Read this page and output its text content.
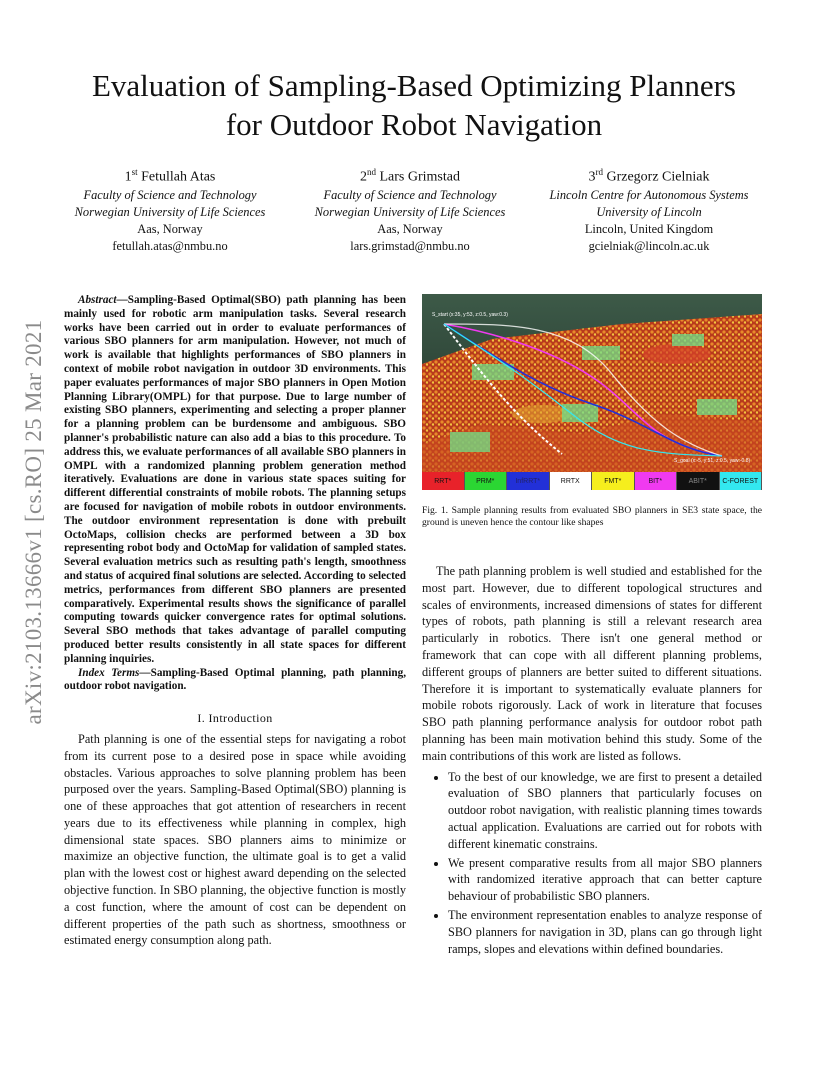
arXiv:2103.13666v1 [cs.RO] 25 Mar 2021
Evaluation of Sampling-Based Optimizing Planners
for Outdoor Robot Navigation
1st Fetullah Atas
Faculty of Science and Technology
Norwegian University of Life Sciences
Aas, Norway
fetullah.atas@nmbu.no
2nd Lars Grimstad
Faculty of Science and Technology
Norwegian University of Life Sciences
Aas, Norway
lars.grimstad@nmbu.no
3rd Grzegorz Cielniak
Lincoln Centre for Autonomous Systems
University of Lincoln
Lincoln, United Kingdom
gcielniak@lincoln.ac.uk

Abstract—Sampling-Based Optimal(SBO) path planning has been mainly used for robotic arm manipulation tasks. Several research works have been carried out in order to evaluate performances of various SBO planners for arm manipulation. However, not much of work is available that highlights performances of SBO planners in context of mobile robot navigation in outdoor 3D environments. This paper evaluates performances of major SBO planners in Open Motion Planning Library(OMPL) for that purpose. Due to large number of existing SBO planners, experimenting and selecting a proper planner for a planning problem can be burdensome and ambiguous. SBO planner's probabilistic nature can also add a bias to this procedure. To address this, we evaluate performances of all available SBO planners in OMPL with a randomized planning problem generation method iteratively. Evaluations are done in various state spaces suiting for different differential constraints of mobile robots. The planning setups are focused for navigation of mobile robots in outdoor environments. The outdoor environment representation is done with prebuilt OctoMaps, collision checks are performed between a 3D box representing robot body and OctoMap for validation of sampled states. Several evaluation metrics such as resulting path's length, smoothness and status of acquired final solutions are selected. According to selected metrics, performances from different SBO planners are presented comparatively. Experimental results shows the significance of parallel computing towards quicker convergence rates for optimal solutions. Several SBO methods that takes advantage of parallel computing produced better results consistently in all state spaces for different planning inquiries.

Index Terms—Sampling-Based Optimal planning, path planning, outdoor robot navigation.

I. Introduction

Path planning is one of the essential steps for navigating a robot from its current pose to a desired pose in space while avoiding obstacles. Various approaches to solve planning problem has been purposed over the years. Sampling-Based Optimal(SBO) planning is one of these approaches that got attention of researchers in recent years due to its effectiveness while planning in complex, high dimensional state spaces. SBO planners aims to minimize or maximize an objective function, the ultimate goal is to get a valid plan with the lowest cost or highest award depending on the selected objective function. In SBO planning, the objective function is mostly a cost function, where the amount of cost can be dependent on different properties of the path such as shortness, smoothness or estimated energy consumption along path.

S_start (x:35, y:53, z:0.5, yaw:0.3)
S_goal (x:-5, y:51, z:0.5, yaw:-0.8)
RRT*	PRM*	InfRRT*	RRTX	FMT*	BIT*	ABIT*	C-FOREST
Fig. 1. Sample planning results from evaluated SBO planners in SE3 state space, the ground is uneven hence the contour like shapes

The path planning problem is well studied and established for the most part. However, due to different topological structures and scales of environments, increased dimensions of states for different types of robots, path planning is still a relevant research area particularly in robotics. There isn't one general method or framework that can cope with all different planning problems, different groups of planners are better suited to different situations. Therefore it is important to systematically evaluate planners for mobile robots rigorously. Lack of work in literature that focuses SBO path planning performance analysis for outdoor robot path planning has been main motivation behind this study. Some of the main contributions of this work are listed as follows.

• To the best of our knowledge, we are first to present a detailed evaluation of SBO planners that particularly focuses on outdoor robot navigation, with realistic planning times towards actual application. Evaluations are carried out for robots with different kinematic constrains.
• We present comparative results from all major SBO planners with randomized iterative approach that can better capture behaviour of probabilistic SBO planners.
• The environment representation enables to analyze response of SBO planners for navigation in 3D, plans can go through light ramps, slopes and elevations within defined boundaries.
